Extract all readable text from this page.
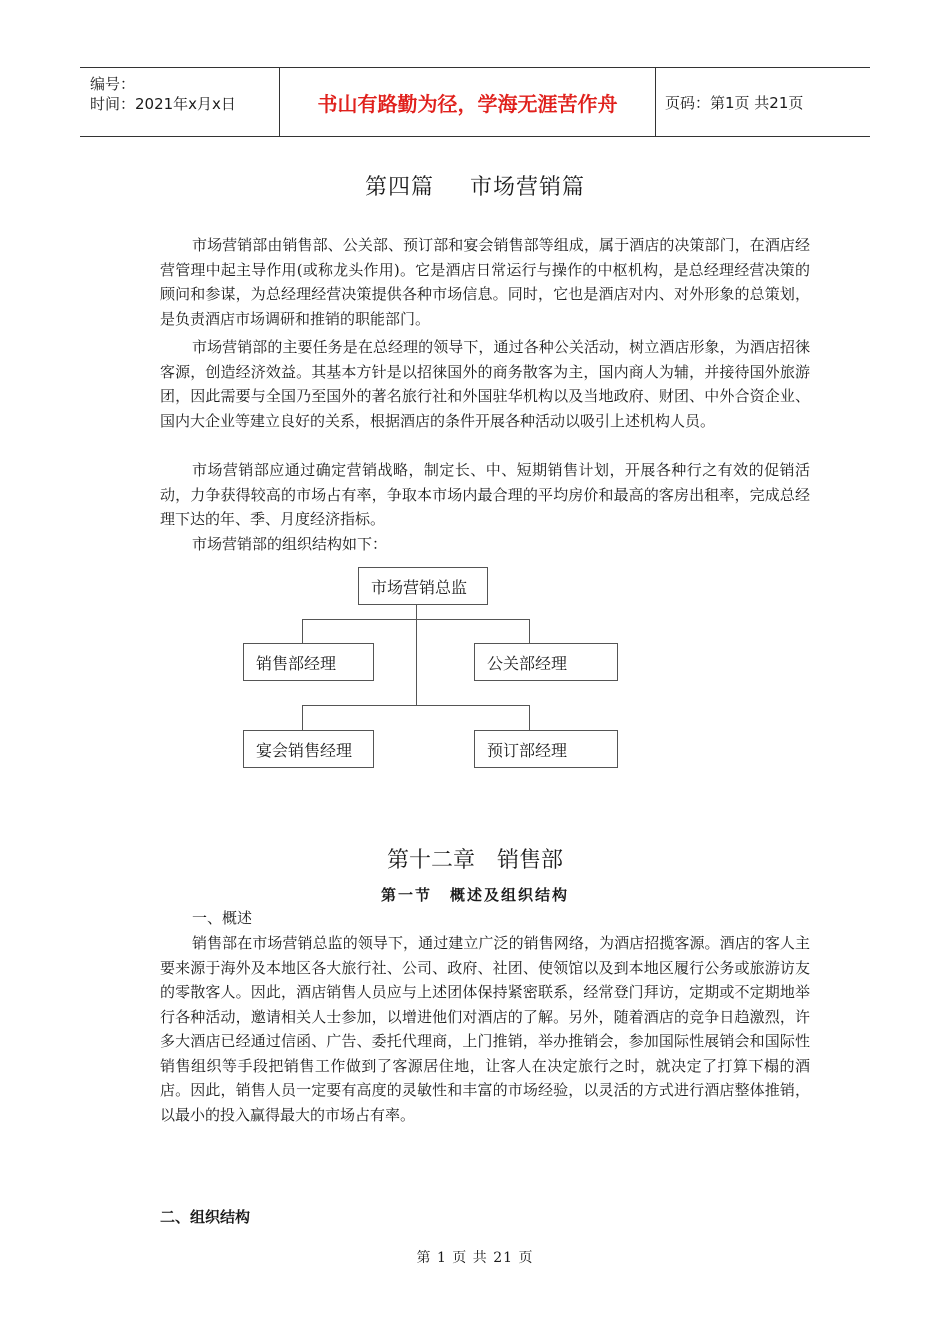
编号：
时间：2021年x月x日	书山有路勤为径，学海无涯苦作舟	页码：第1页 共21页
第四篇 市场营销篇

市场营销部由销售部、公关部、预订部和宴会销售部等组成，属于酒店的决策部门，在酒店经营管理中起主导作用(或称龙头作用)。它是酒店日常运行与操作的中枢机构，是总经理经营决策的顾问和参谋，为总经理经营决策提供各种市场信息。同时，它也是酒店对内、对外形象的总策划，是负责酒店市场调研和推销的职能部门。

市场营销部的主要任务是在总经理的领导下，通过各种公关活动，树立酒店形象，为酒店招徕客源，创造经济效益。其基本方针是以招徕国外的商务散客为主，国内商人为辅，并接待国外旅游团，因此需要与全国乃至国外的著名旅行社和外国驻华机构以及当地政府、财团、中外合资企业、国内大企业等建立良好的关系，根据酒店的条件开展各种活动以吸引上述机构人员。

市场营销部应通过确定营销战略，制定长、中、短期销售计划，开展各种行之有效的促销活动，力争获得较高的市场占有率，争取本市场内最合理的平均房价和最高的客房出租率，完成总经理下达的年、季、月度经济指标。

市场营销部的组织结构如下：

市场营销总监
销售部经理	公关部经理
宴会销售经理	预订部经理
第十二章 销售部
第一节 概述及组织结构
一、概述

销售部在市场营销总监的领导下，通过建立广泛的销售网络，为酒店招揽客源。酒店的客人主要来源于海外及本地区各大旅行社、公司、政府、社团、使领馆以及到本地区履行公务或旅游访友的零散客人。因此，酒店销售人员应与上述团体保持紧密联系，经常登门拜访，定期或不定期地举行各种活动，邀请相关人士参加，以增进他们对酒店的了解。另外，随着酒店的竞争日趋激烈，许多大酒店已经通过信函、广告、委托代理商，上门推销，举办推销会，参加国际性展销会和国际性销售组织等手段把销售工作做到了客源居住地，让客人在决定旅行之时，就决定了打算下榻的酒店。因此，销售人员一定要有高度的灵敏性和丰富的市场经验，以灵活的方式进行酒店整体推销，以最小的投入赢得最大的市场占有率。

二、组织结构
第 1 页 共 21 页
